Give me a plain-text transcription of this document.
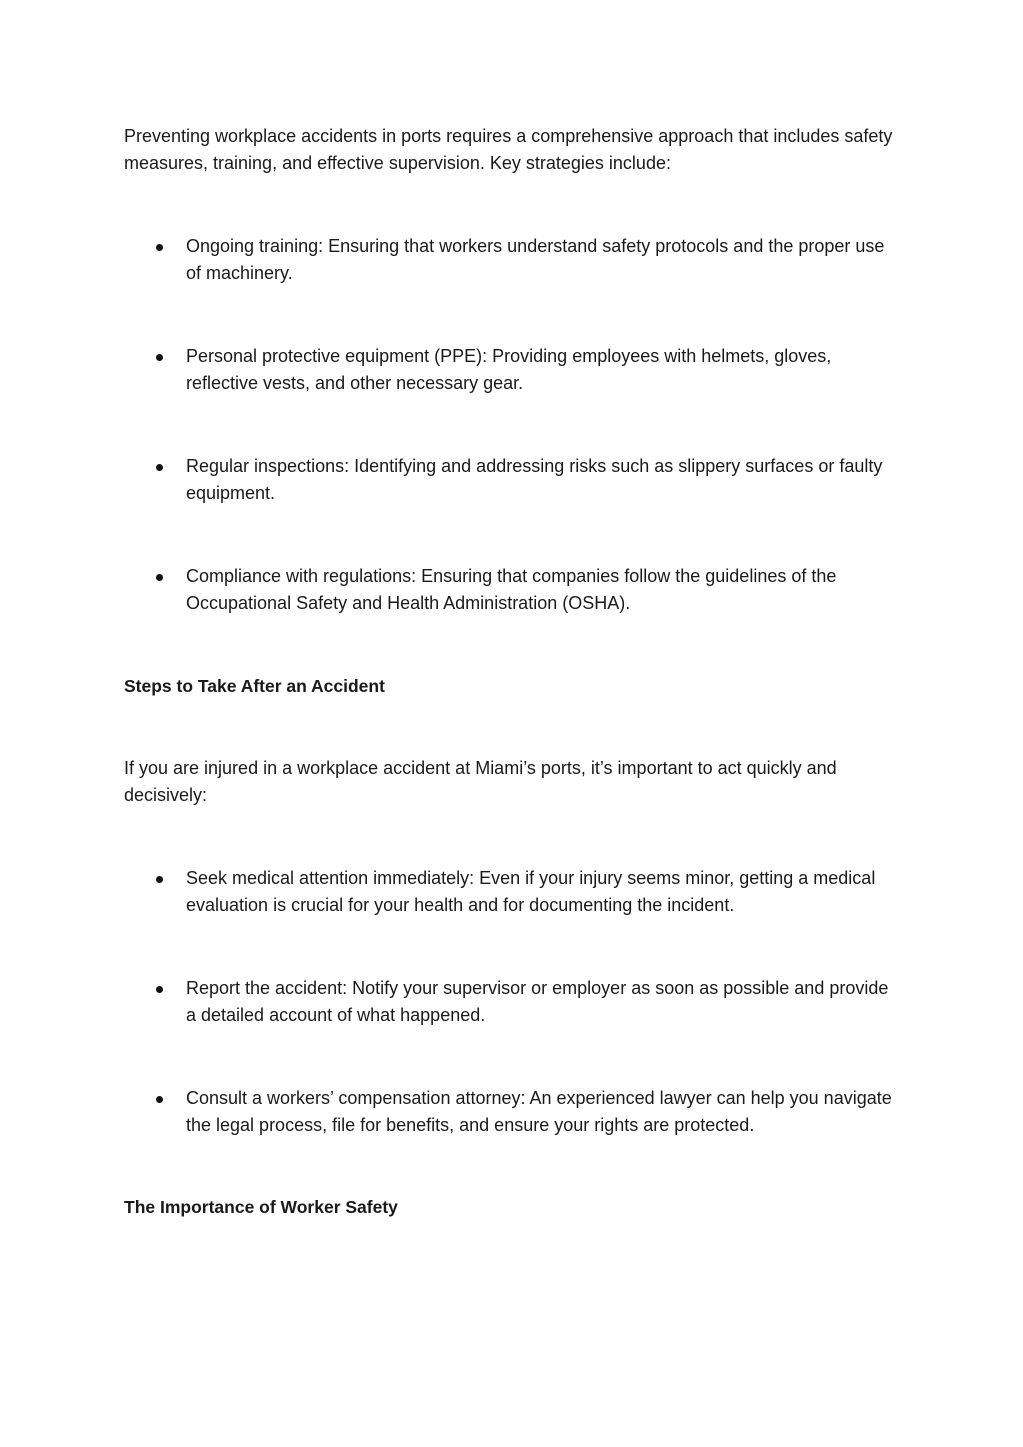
Preventing workplace accidents in ports requires a comprehensive approach that includes safety measures, training, and effective supervision. Key strategies include:

Ongoing training: Ensuring that workers understand safety protocols and the proper use of machinery.
Personal protective equipment (PPE): Providing employees with helmets, gloves, reflective vests, and other necessary gear.
Regular inspections: Identifying and addressing risks such as slippery surfaces or faulty equipment.
Compliance with regulations: Ensuring that companies follow the guidelines of the Occupational Safety and Health Administration (OSHA).
Steps to Take After an Accident

If you are injured in a workplace accident at Miami’s ports, it’s important to act quickly and decisively:

Seek medical attention immediately: Even if your injury seems minor, getting a medical evaluation is crucial for your health and for documenting the incident.
Report the accident: Notify your supervisor or employer as soon as possible and provide a detailed account of what happened.
Consult a workers’ compensation attorney: An experienced lawyer can help you navigate the legal process, file for benefits, and ensure your rights are protected.
The Importance of Worker Safety
